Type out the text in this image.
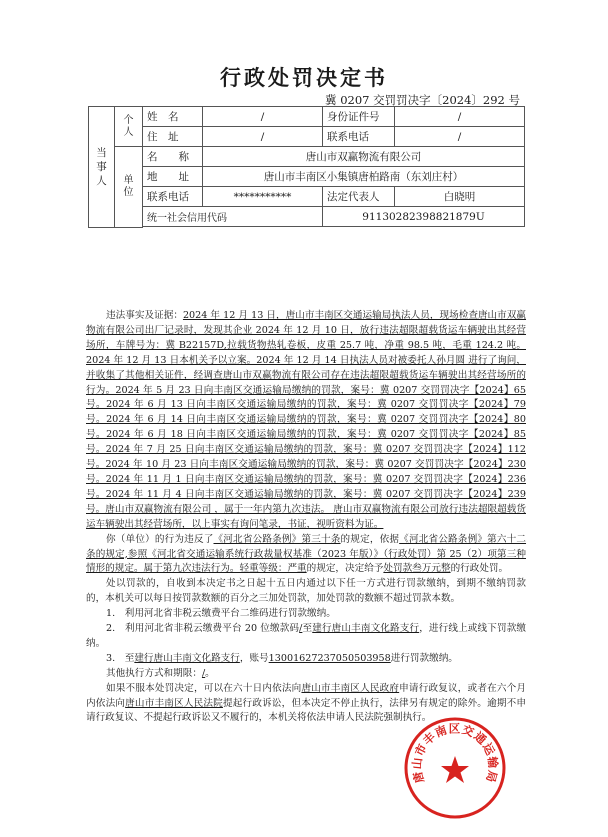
行政处罚决定书
冀 0207 交罚罚决字〔2024〕292 号
当事人	个人	姓　名	/	身份证件号	/
		住　址	/	联系电话	/
	单位	名　　称	唐山市双赢物流有限公司		
		地　　址	唐山市丰南区小集镇唐柏路南（东刘庄村）		
		联系电话	***********	法定代表人	白晓明
		统一社会信用代码		91130282398821879U	

违法事实及证据：2024 年 12 月 13 日，唐山市丰南区交通运输局执法人员，现场检查唐山市双赢物流有限公司出厂记录时，发现其企业 2024 年 12 月 10 日，放行违法超限超载货运车辆驶出其经营场所，车牌号为：冀 B22157D,拉载货物热轧卷板，皮重 25.7 吨，净重 98.5 吨，毛重 124.2 吨。2024 年 12 月 13 日本机关予以立案。2024 年 12 月 14 日执法人员对被委托人孙月圆 进行了询问，并收集了其他相关证件，经调查唐山市双赢物流有限公司存在违法超限超载货运车辆驶出其经营场所的行为。2024 年 5 月 23 日向丰南区交通运输局缴纳的罚款，案号：冀 0207 交罚罚决字【2024】65 号。2024 年 6 月 13 日向丰南区交通运输局缴纳的罚款，案号：冀 0207 交罚罚决字【2024】79 号。2024 年 6 月 14 日向丰南区交通运输局缴纳的罚款，案号：冀 0207 交罚罚决字【2024】80 号。2024 年 6 月 18 日向丰南区交通运输局缴纳的罚款，案号：冀 0207 交罚罚决字【2024】85 号。2024 年 7 月 25 日向丰南区交通运输局缴纳的罚款，案号：冀 0207 交罚罚决字【2024】112 号。2024 年 10 月 23 日向丰南区交通运输局缴纳的罚款，案号：冀 0207 交罚罚决字【2024】230 号。2024 年 11 月 1 日向丰南区交通运输局缴纳的罚款，案号：冀 0207 交罚罚决字【2024】236 号。2024 年 11 月 4 日向丰南区交通运输局缴纳的罚款，案号：冀 0207 交罚罚决字【2024】239 号。唐山市双赢物流有限公司 ，属于一年内第九次违法。 唐山市双赢物流有限公司放行违法超限超载货运车辆驶出其经营场所，以上事实有询问笔录，书证，视听资料为证。

你（单位）的行为违反了《河北省公路条例》第三十条的规定，依据《河北省公路条例》第六十二条的规定,参照《河北省交通运输系统行政裁量权基准（2023 年版）》（行政处罚）第 25（2）项第三种情形的规定。属于第九次违法行为。轻重等级：严重的规定，决定给予处罚款叁万元整的行政处罚。

处以罚款的，自收到本决定书之日起十五日内通过以下任一方式进行罚款缴纳，到期不缴纳罚款的，本机关可以每日按罚款数额的百分之三加处罚款，加处罚款的数额不超过罚款本数。

1.　利用河北省非税云缴费平台二维码进行罚款缴纳。

2.　利用河北省非税云缴费平台 20 位缴款码/至建行唐山丰南文化路支行，进行线上或线下罚款缴纳。

3.　至建行唐山丰南文化路支行，账号13001627237050503958进行罚款缴纳。

其他执行方式和期限：/。

如果不服本处罚决定，可以在六十日内依法向唐山市丰南区人民政府申请行政复议，或者在六个月内依法向唐山市丰南区人民法院提起行政诉讼，但本决定不停止执行，法律另有规定的除外。逾期不申请行政复议、不提起行政诉讼又不履行的，本机关将依法申请人民法院强制执行。

唐山市丰南区交通运输局
